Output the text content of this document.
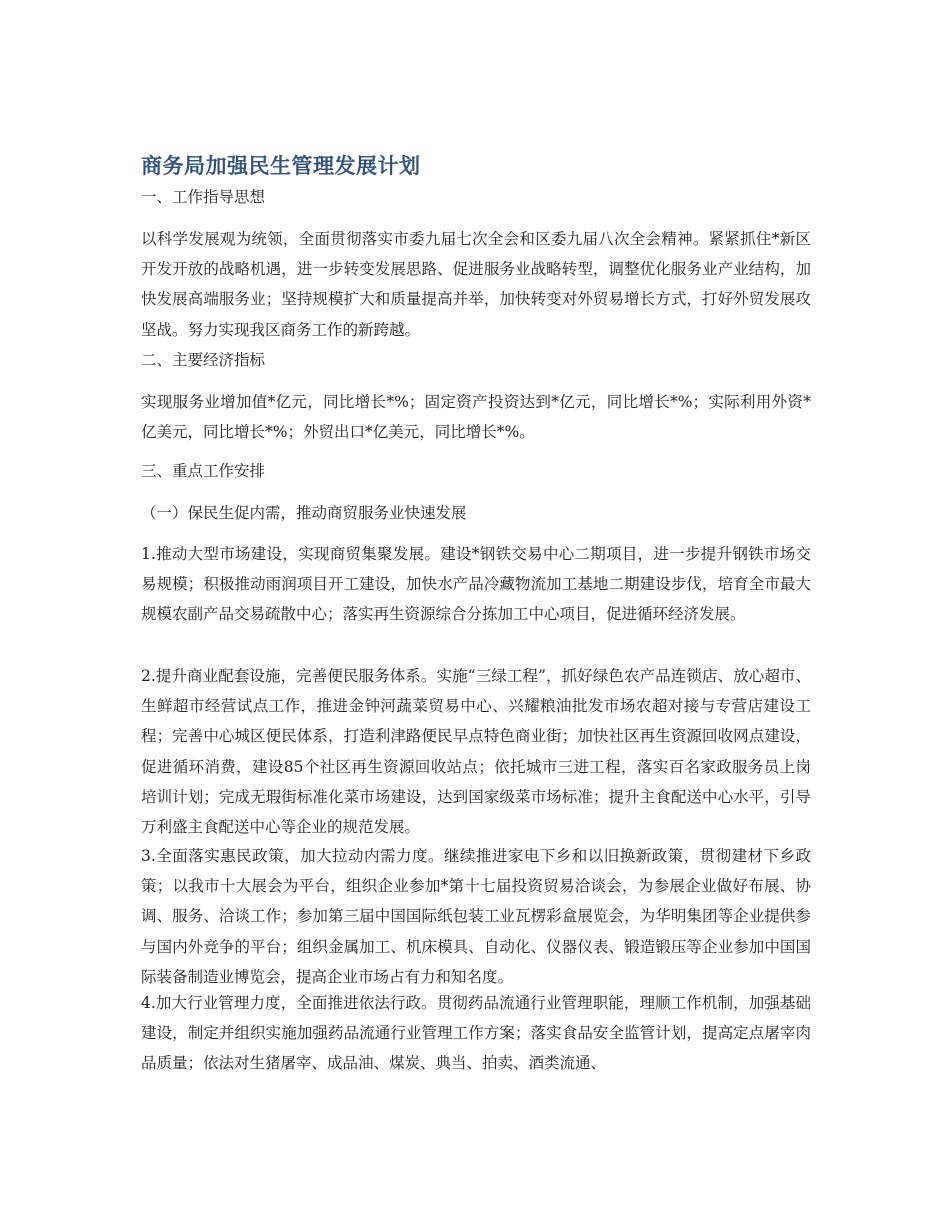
商务局加强民生管理发展计划

一、工作指导思想

以科学发展观为统领，全面贯彻落实市委九届七次全会和区委九届八次全会精神。紧紧抓住*新区开发开放的战略机遇，进一步转变发展思路、促进服务业战略转型，调整优化服务业产业结构，加快发展高端服务业；坚持规模扩大和质量提高并举，加快转变对外贸易增长方式，打好外贸发展攻坚战。努力实现我区商务工作的新跨越。

二、主要经济指标

实现服务业增加值*亿元，同比增长*%；固定资产投资达到*亿元，同比增长*%；实际利用外资*亿美元，同比增长*%；外贸出口*亿美元，同比增长*%。

三、重点工作安排

（一）保民生促内需，推动商贸服务业快速发展

1.推动大型市场建设，实现商贸集聚发展。建设*钢铁交易中心二期项目，进一步提升钢铁市场交易规模；积极推动雨润项目开工建设，加快水产品冷藏物流加工基地二期建设步伐，培育全市最大规模农副产品交易疏散中心；落实再生资源综合分拣加工中心项目，促进循环经济发展。

2.提升商业配套设施，完善便民服务体系。实施“三绿工程”，抓好绿色农产品连锁店、放心超市、生鲜超市经营试点工作，推进金钟河蔬菜贸易中心、兴耀粮油批发市场农超对接与专营店建设工程；完善中心城区便民体系，打造利津路便民早点特色商业街；加快社区再生资源回收网点建设，促进循环消费，建设85个社区再生资源回收站点；依托城市三进工程，落实百名家政服务员上岗培训计划；完成无瑕街标准化菜市场建设，达到国家级菜市场标准；提升主食配送中心水平，引导万利盛主食配送中心等企业的规范发展。

3.全面落实惠民政策，加大拉动内需力度。继续推进家电下乡和以旧换新政策，贯彻建材下乡政策；以我市十大展会为平台，组织企业参加*第十七届投资贸易洽谈会，为参展企业做好布展、协调、服务、洽谈工作；参加第三届中国国际纸包装工业瓦楞彩盒展览会，为华明集团等企业提供参与国内外竞争的平台；组织金属加工、机床模具、自动化、仪器仪表、锻造锻压等企业参加中国国际装备制造业博览会，提高企业市场占有力和知名度。

4.加大行业管理力度，全面推进依法行政。贯彻药品流通行业管理职能，理顺工作机制，加强基础建设，制定并组织实施加强药品流通行业管理工作方案；落实食品安全监管计划，提高定点屠宰肉品质量；依法对生猪屠宰、成品油、煤炭、典当、拍卖、酒类流通、
